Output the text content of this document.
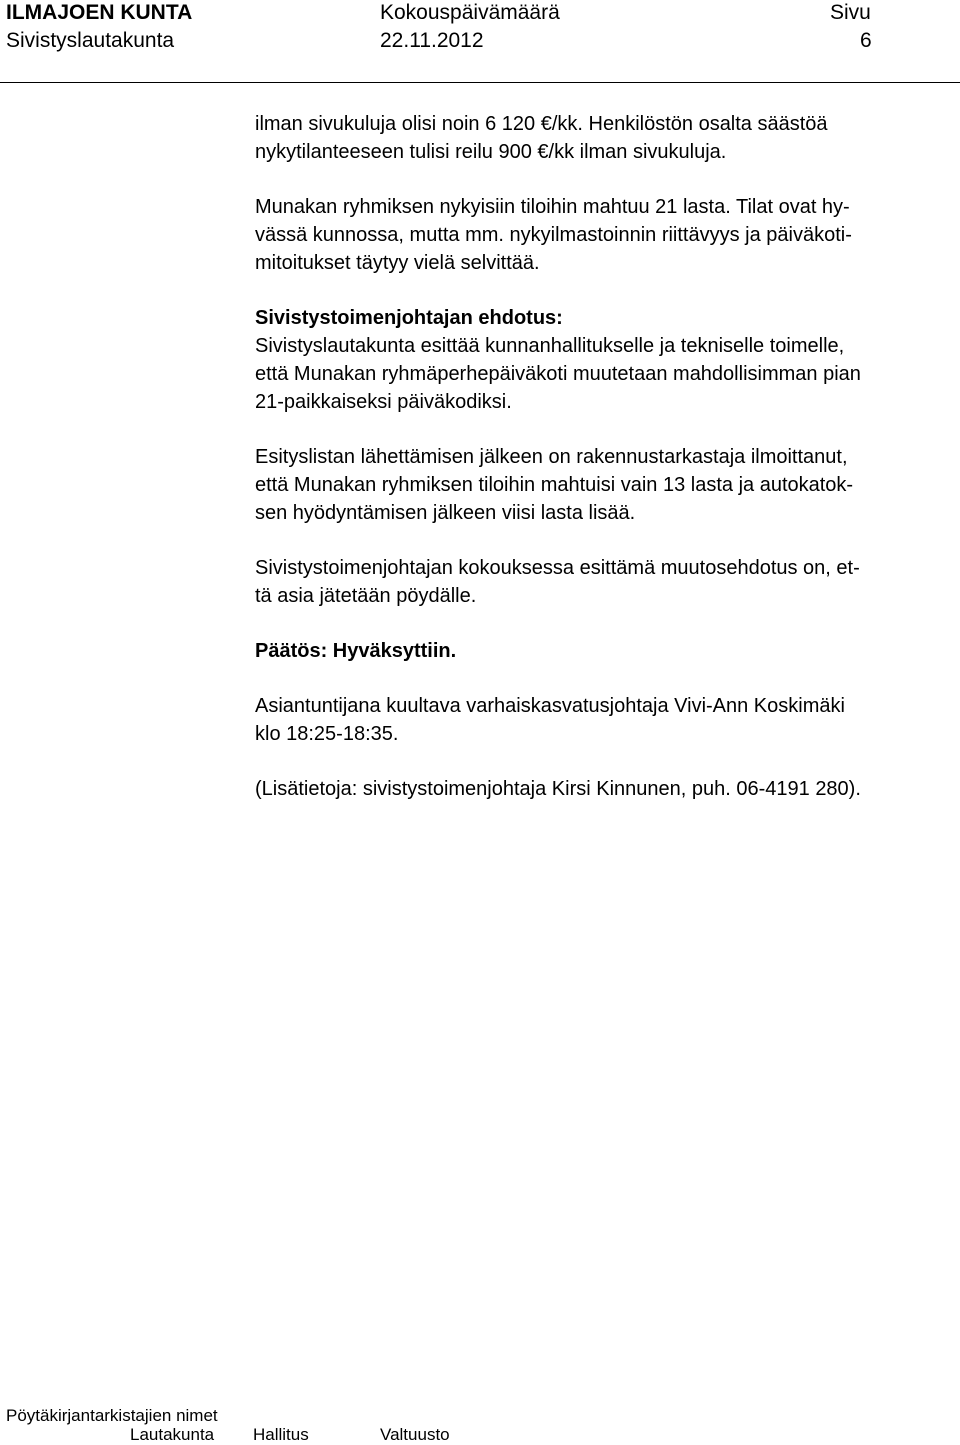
ILMAJOEN KUNTA
Sivistyslautakunta
Kokouspäivämäärä
22.11.2012
Sivu
6

ilman sivukuluja olisi noin 6 120 €/kk. Henkilöstön osalta säästöä
nykytilanteeseen tulisi reilu 900 €/kk ilman sivukuluja.

Munakan ryhmiksen nykyisiin tiloihin mahtuu 21 lasta. Tilat ovat hy-
vässä kunnossa, mutta mm. nykyilmastoinnin riittävyys ja päiväkoti-
mitoitukset täytyy vielä selvittää.

Sivistystoimenjohtajan ehdotus:
Sivistyslautakunta esittää kunnanhallitukselle ja tekniselle toimelle,
että Munakan ryhmäperhepäiväkoti muutetaan mahdollisimman pian
21-paikkaiseksi päiväkodiksi.

Esityslistan lähettämisen jälkeen on rakennustarkastaja ilmoittanut,
että Munakan ryhmiksen tiloihin mahtuisi vain 13 lasta ja autokatok-
sen hyödyntämisen jälkeen viisi lasta lisää.

Sivistystoimenjohtajan kokouksessa esittämä muutosehdotus on, et-
tä asia jätetään pöydälle.

Päätös: Hyväksyttiin.

Asiantuntijana kuultava varhaiskasvatusjohtaja Vivi-Ann Koskimäki
klo 18:25-18:35.

(Lisätietoja: sivistystoimenjohtaja Kirsi Kinnunen, puh. 06-4191 280).

Pöytäkirjantarkistajien nimet
Lautakunta Hallitus	Valtuusto
